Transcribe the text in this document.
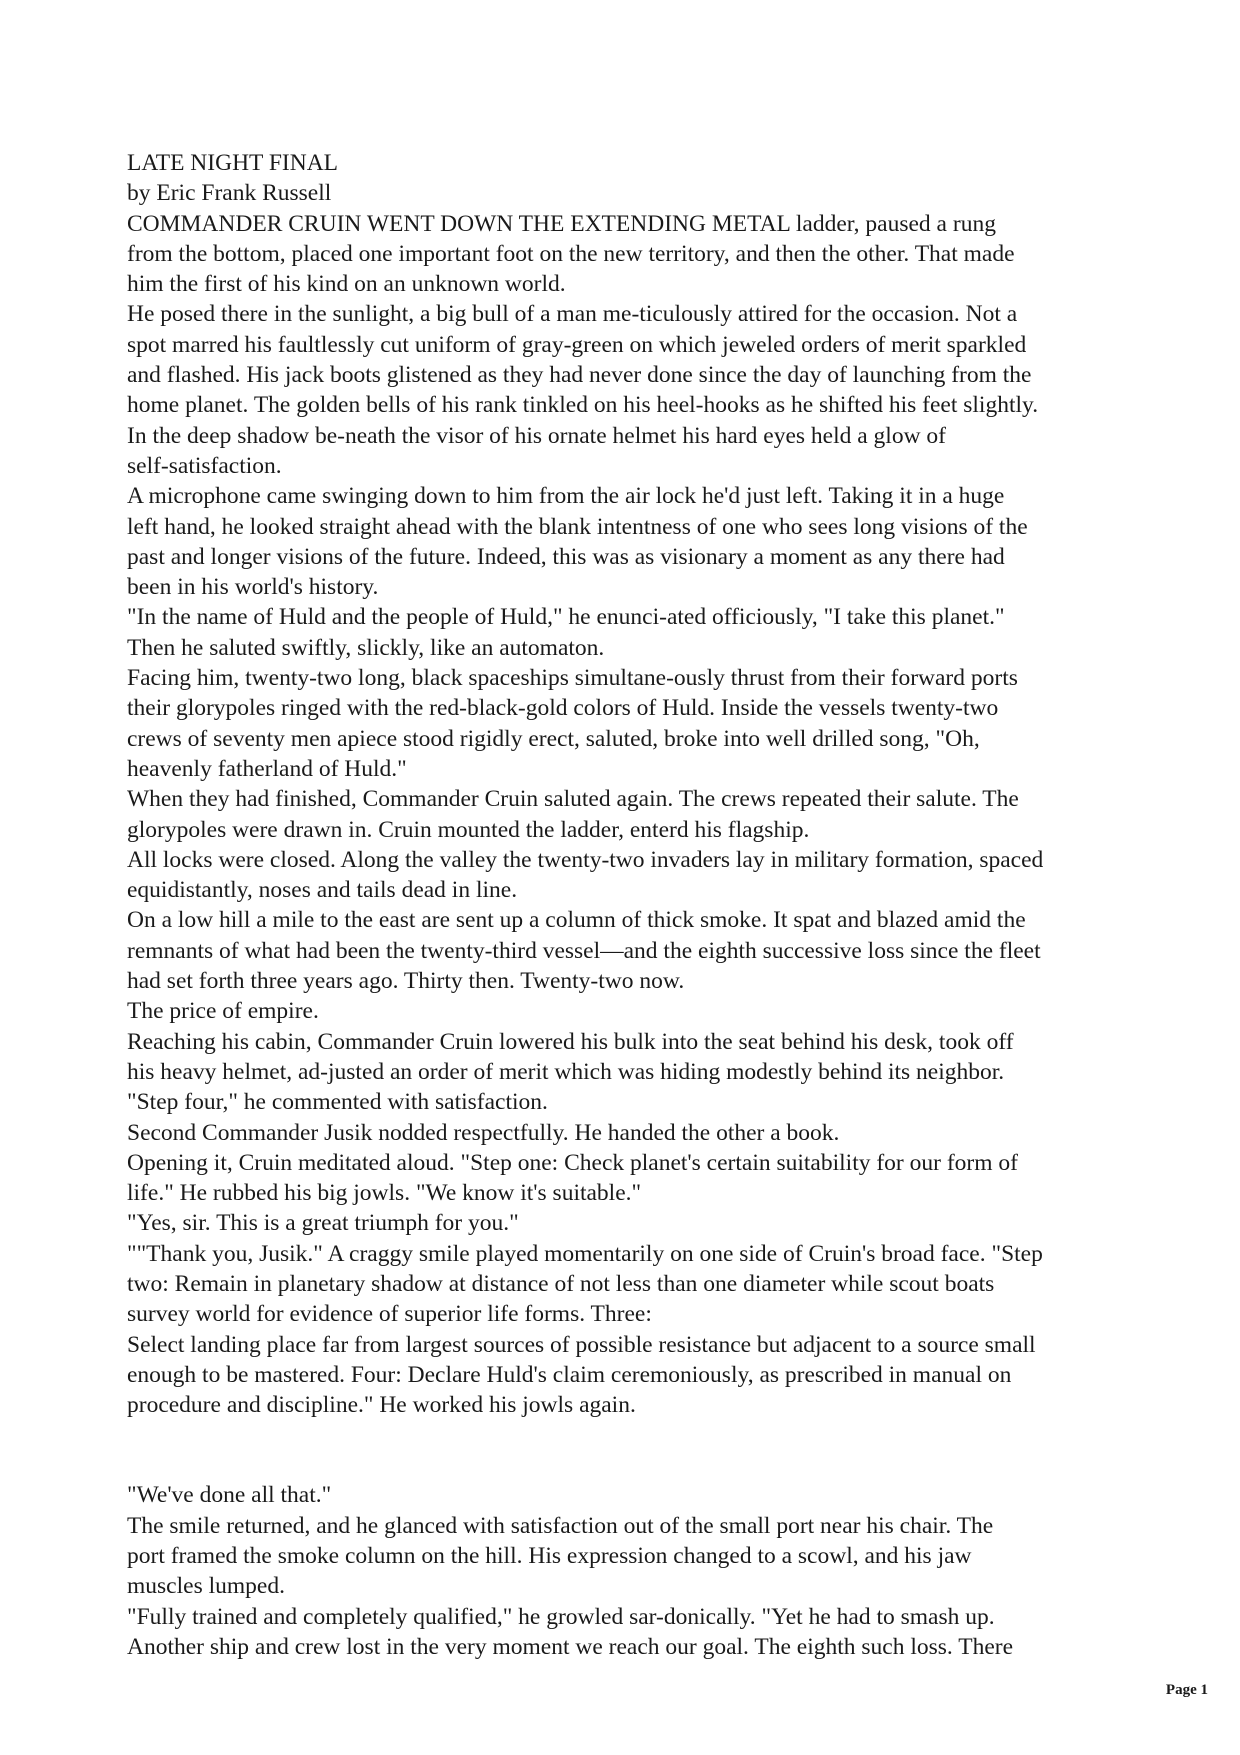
LATE NIGHT FINAL

by Eric Frank Russell

COMMANDER CRUIN WENT DOWN THE EXTENDING METAL ladder, paused a rung

from the bottom, placed one important foot on the new territory, and then the other. That made

him the first of his kind on an unknown world.

He posed there in the sunlight, a big bull of a man me-ticulously attired for the occasion. Not a

spot marred his faultlessly cut uniform of gray-green on which jeweled orders of merit sparkled

and flashed. His jack boots glistened as they had never done since the day of launching from the

home planet. The golden bells of his rank tinkled on his heel-hooks as he shifted his feet slightly.

In the deep shadow be-neath the visor of his ornate helmet his hard eyes held a glow of

self-satisfaction.

A microphone came swinging down to him from the air lock he'd just left. Taking it in a huge

left hand, he looked straight ahead with the blank intentness of one who sees long visions of the

past and longer visions of the future. Indeed, this was as visionary a moment as any there had

been in his world's history.

"In the name of Huld and the people of Huld," he enunci-ated officiously, "I take this planet."

Then he saluted swiftly, slickly, like an automaton.

Facing him, twenty-two long, black spaceships simultane-ously thrust from their forward ports

their glorypoles ringed with the red-black-gold colors of Huld. Inside the vessels twenty-two

crews of seventy men apiece stood rigidly erect, saluted, broke into well drilled song, "Oh,

heavenly fatherland of Huld."

When they had finished, Commander Cruin saluted again. The crews repeated their salute. The

glorypoles were drawn in. Cruin mounted the ladder, enterd his flagship.

All locks were closed. Along the valley the twenty-two invaders lay in military formation, spaced

equidistantly, noses and tails dead in line.

On a low hill a mile to the east are sent up a column of thick smoke. It spat and blazed amid the

remnants of what had been the twenty-third vessel—and the eighth successive loss since the fleet

had set forth three years ago. Thirty then. Twenty-two now.

The price of empire.

Reaching his cabin, Commander Cruin lowered his bulk into the seat behind his desk, took off

his heavy helmet, ad-justed an order of merit which was hiding modestly behind its neighbor.

"Step four," he commented with satisfaction.

Second Commander Jusik nodded respectfully. He handed the other a book.

Opening it, Cruin meditated aloud. "Step one: Check planet's certain suitability for our form of

life." He rubbed his big jowls. "We know it's suitable."

"Yes, sir. This is a great triumph for you."

""Thank you, Jusik." A craggy smile played momentarily on one side of Cruin's broad face. "Step

two: Remain in planetary shadow at distance of not less than one diameter while scout boats

survey world for evidence of superior life forms. Three:

Select landing place far from largest sources of possible resistance but adjacent to a source small

enough to be mastered. Four: Declare Huld's claim ceremoniously, as prescribed in manual on

procedure and discipline." He worked his jowls again.

"We've done all that."

The smile returned, and he glanced with satisfaction out of the small port near his chair. The

port framed the smoke column on the hill. His expression changed to a scowl, and his jaw

muscles lumped.

"Fully trained and completely qualified," he growled sar-donically. "Yet he had to smash up.

Another ship and crew lost in the very moment we reach our goal. The eighth such loss. There

Page 1
